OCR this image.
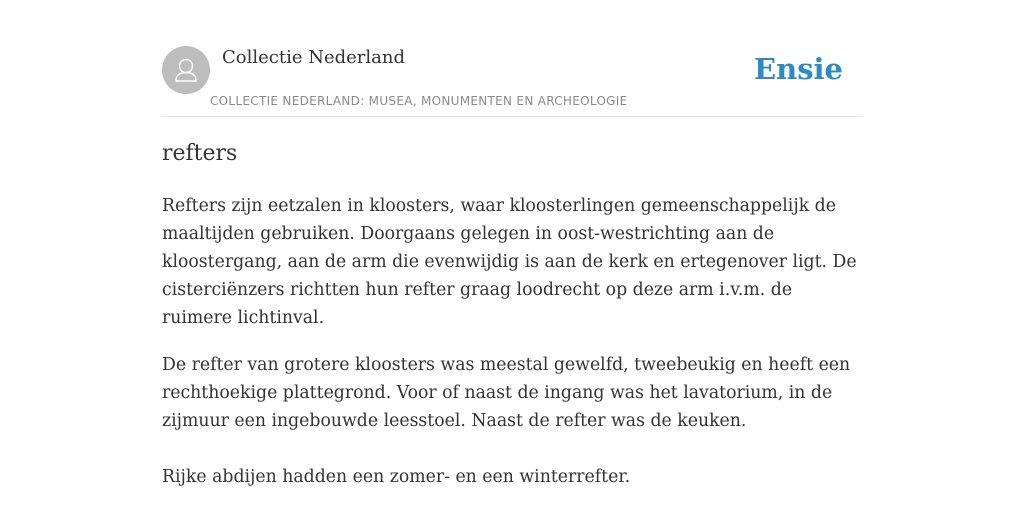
Collectie Nederland
COLLECTIE NEDERLAND: MUSEA, MONUMENTEN EN ARCHEOLOGIE
Ensie
refters

Refters zijn eetzalen in kloosters, waar kloosterlingen gemeenschappelijk de maaltijden gebruiken. Doorgaans gelegen in oost-westrichting aan de kloostergang, aan de arm die evenwijdig is aan de kerk en ertegenover ligt. De cisterciënzers richtten hun refter graag loodrecht op deze arm i.v.m. de ruimere lichtinval.

De refter van grotere kloosters was meestal gewelfd, tweebeukig en heeft een rechthoekige plattegrond. Voor of naast de ingang was het lavatorium, in de zijmuur een ingebouwde leesstoel. Naast de refter was de keuken.

Rijke abdijen hadden een zomer- en een winterrefter.
